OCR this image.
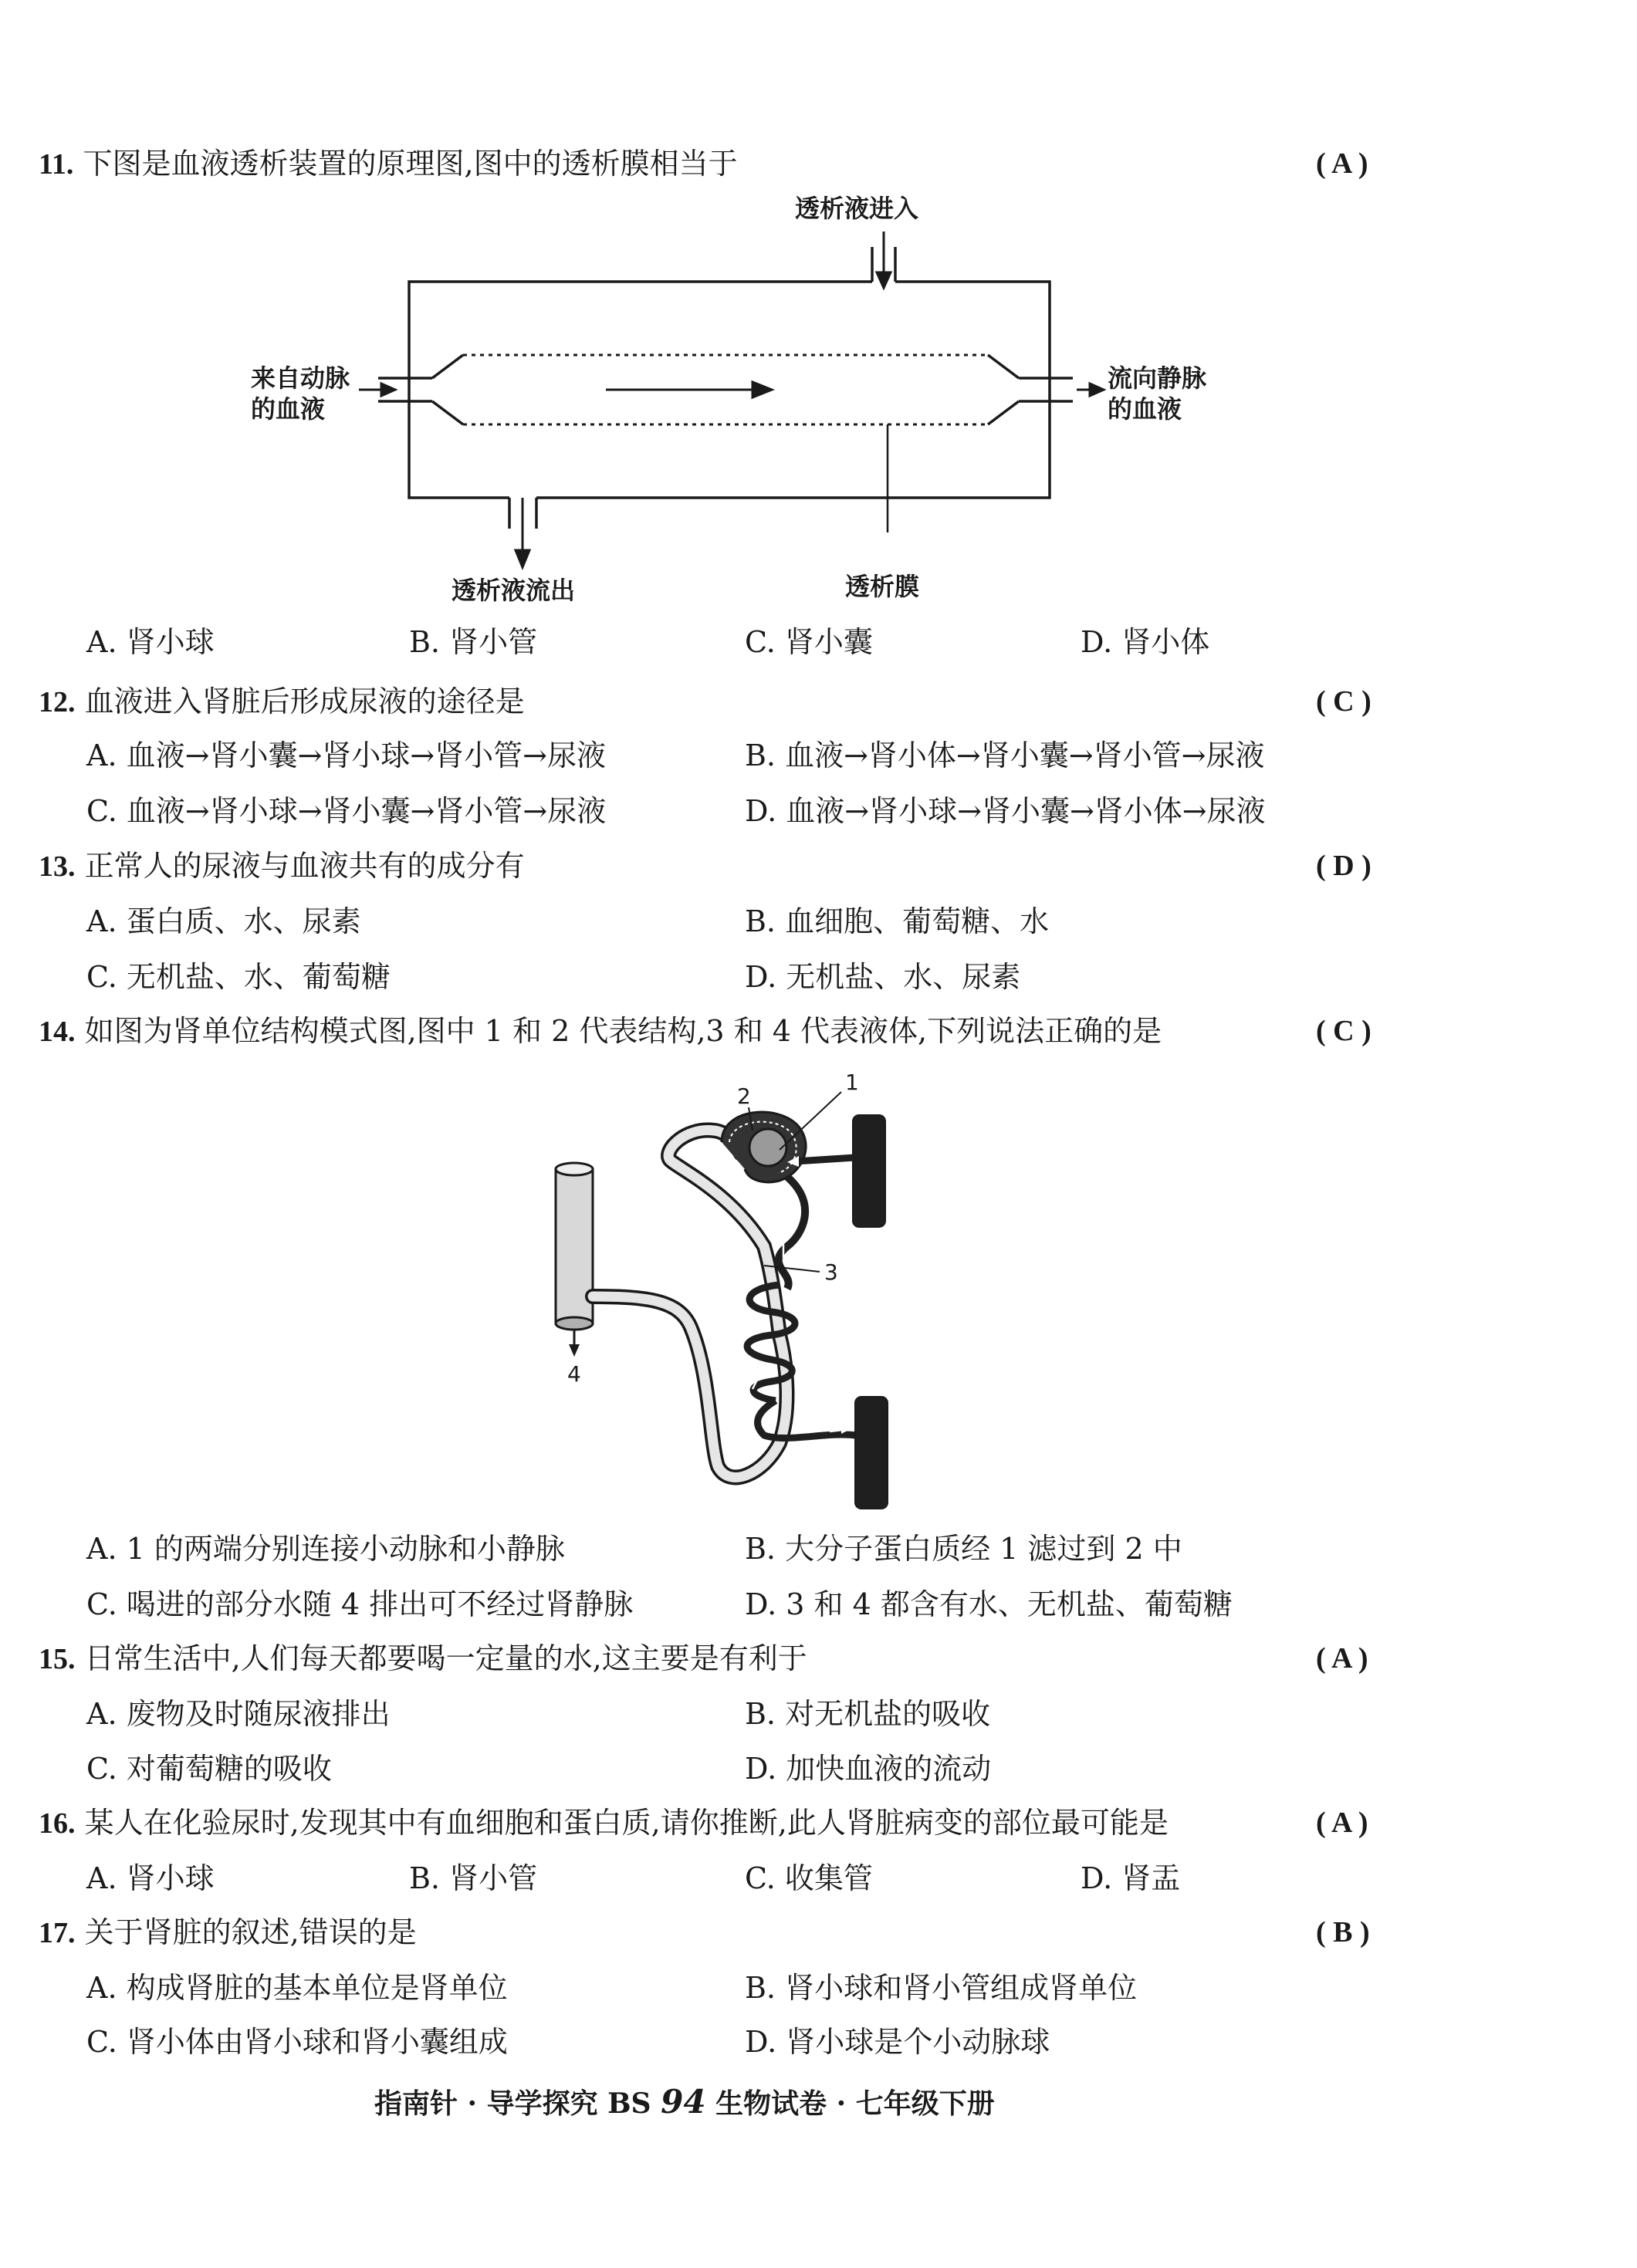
11. 下图是血液透析装置的原理图,图中的透析膜相当于	( A )
透析液进入
来自动脉
的血液
流向静脉
的血液
透析液流出	透析膜
A. 肾小球	B. 肾小管	C. 肾小囊	D. 肾小体
12. 血液进入肾脏后形成尿液的途径是	( C )
A. 血液→肾小囊→肾小球→肾小管→尿液	B. 血液→肾小体→肾小囊→肾小管→尿液
C. 血液→肾小球→肾小囊→肾小管→尿液	D. 血液→肾小球→肾小囊→肾小体→尿液
13. 正常人的尿液与血液共有的成分有	( D )
A. 蛋白质、水、尿素	B. 血细胞、葡萄糖、水
C. 无机盐、水、葡萄糖	D. 无机盐、水、尿素
14. 如图为肾单位结构模式图,图中 1 和 2 代表结构,3 和 4 代表液体,下列说法正确的是	( C )
1
2
3
4
A. 1 的两端分别连接小动脉和小静脉	B. 大分子蛋白质经 1 滤过到 2 中
C. 喝进的部分水随 4 排出可不经过肾静脉	D. 3 和 4 都含有水、无机盐、葡萄糖
15. 日常生活中,人们每天都要喝一定量的水,这主要是有利于	( A )
A. 废物及时随尿液排出	B. 对无机盐的吸收
C. 对葡萄糖的吸收	D. 加快血液的流动
16. 某人在化验尿时,发现其中有血细胞和蛋白质,请你推断,此人肾脏病变的部位最可能是	( A )
A. 肾小球	B. 肾小管	C. 收集管	D. 肾盂
17. 关于肾脏的叙述,错误的是	( B )
A. 构成肾脏的基本单位是肾单位	B. 肾小球和肾小管组成肾单位
C. 肾小体由肾小球和肾小囊组成	D. 肾小球是个小动脉球
指南针 · 导学探究 BS 94 生物试卷 · 七年级下册
